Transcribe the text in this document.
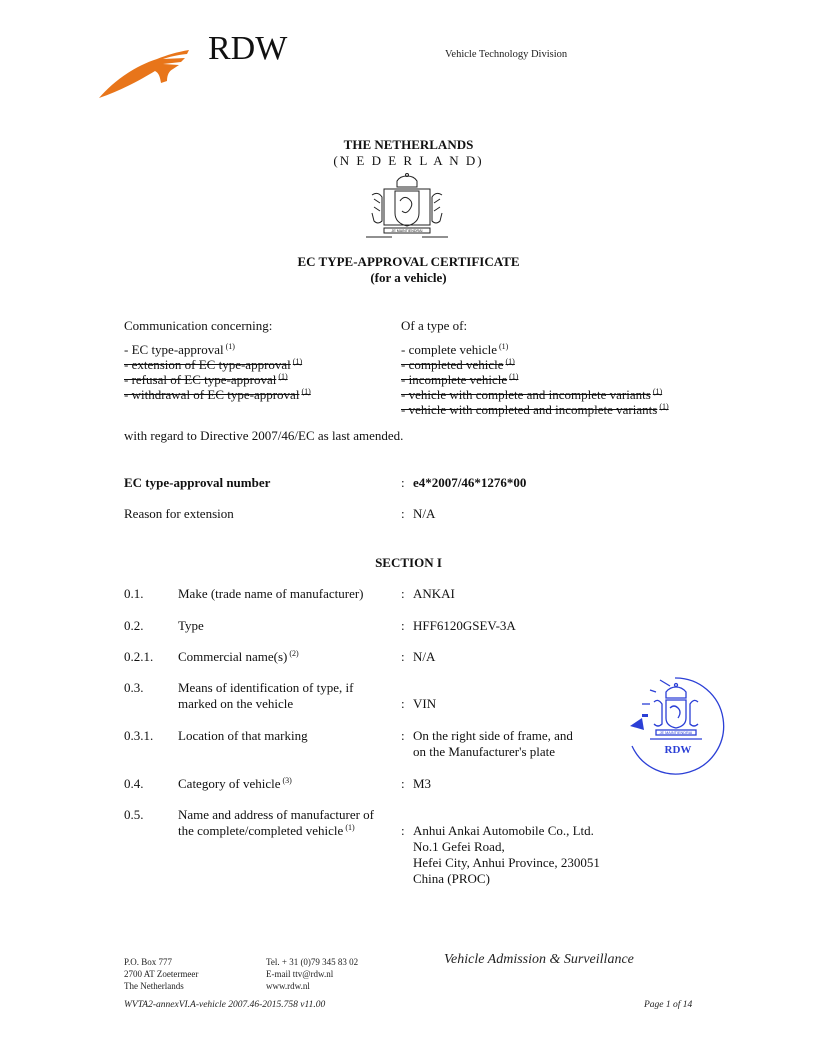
RDW	Vehicle Technology Division
THE NETHERLANDS
(N E D E R L A N D)
JE MAINTIENDRAI
EC TYPE-APPROVAL CERTIFICATE
(for a vehicle)
Communication concerning:
- EC type-approval $^{(1)}$
- extension of EC type-approval $^{(1)}$
- refusal of EC type-approval $^{(1)}$
- withdrawal of EC type-approval $^{(1)}$
Of a type of:
- complete vehicle $^{(1)}$
- completed vehicle $^{(1)}$
- incomplete vehicle $^{(1)}$
- vehicle with complete and incomplete variants $^{(1)}$
- vehicle with completed and incomplete variants $^{(1)}$
with regard to Directive 2007/46/EC as last amended.
EC type-approval number	: e4*2007/46*1276*00
Reason for extension	: N/A
SECTION I
0.1.	Make (trade name of manufacturer)	: ANKAI
0.2.	Type	: HFF6120GSEV-3A
0.2.1. Commercial name(s) $^{(2)}$	: N/A
0.3.	Means of identification of type, if
marked on the vehicle	: VIN
0.3.1. Location of that marking	: On the right side of frame, and
on the Manufacturer's plate
0.4.	Category of vehicle $^{(3)}$	: M3
0.5.	Name and address of manufacturer of
the complete/completed vehicle $^{(1)}$	: Anhui Ankai Automobile Co., Ltd.
No.1 Gefei Road,
Hefei City, Anhui Province, 230051
China (PROC)
JE MAINTIENDRAI
RDW
P.O. Box 777
2700 AT Zoetermeer
The Netherlands
Tel. + 31 (0)79 345 83 02
E-mail ttv@rdw.nl
www.rdw.nl
Vehicle Admission & Surveillance
WVTA2-annexVI.A-vehicle 2007.46-2015.758 v11.00	Page 1 of 14
